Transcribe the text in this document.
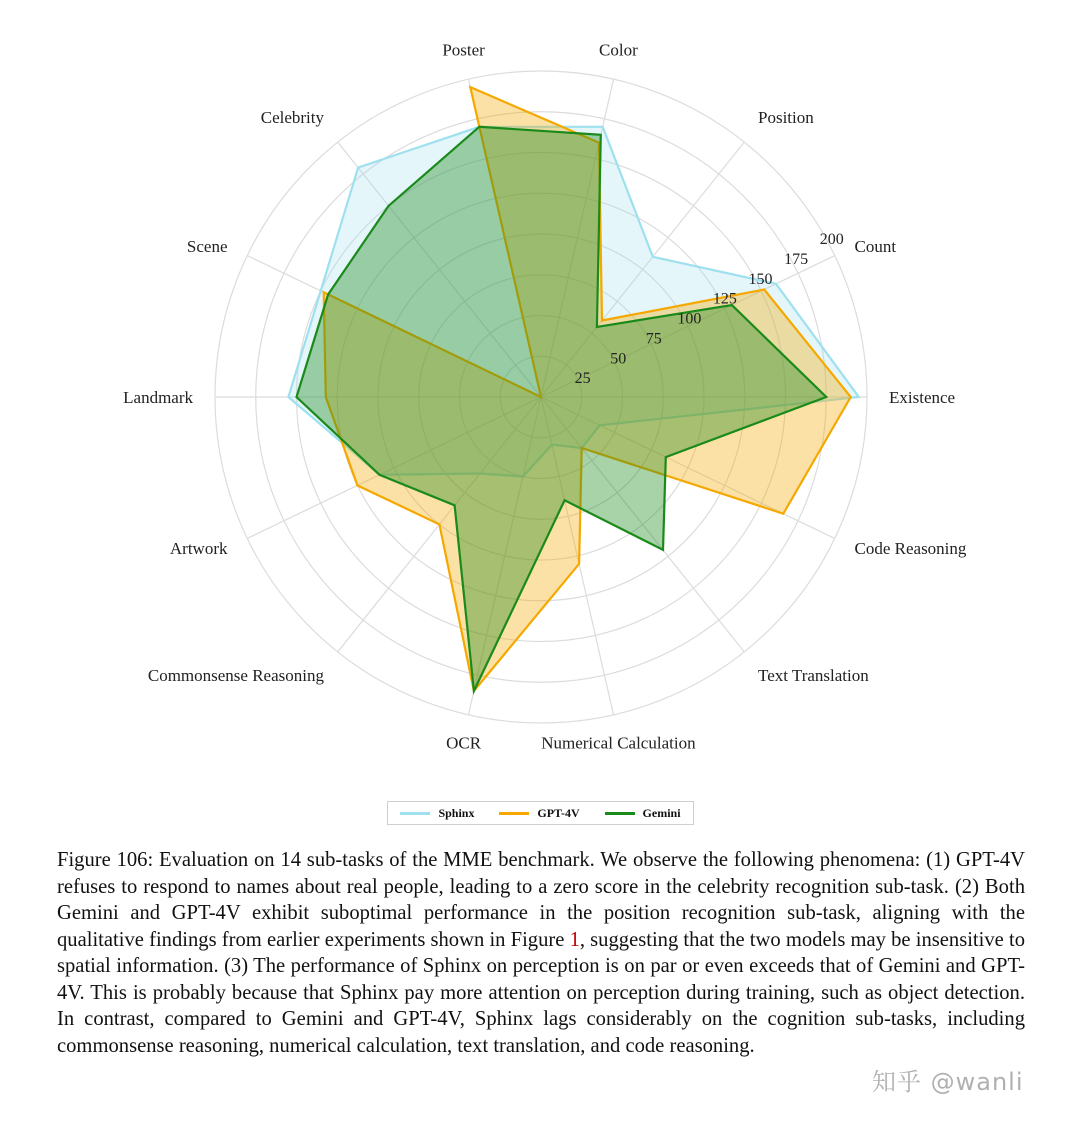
25
50
75
100
125
150
175
200
Existence
Count
Position
Color
Poster
Celebrity
Scene
Landmark
Artwork
Commonsense Reasoning
OCR	Numerical Calculation
Text Translation
Code Reasoning
Sphinx	GPT-4V	Gemini
Figure 106: Evaluation on 14 sub-tasks of the MME benchmark. We observe the following phenomena: (1) GPT-4V refuses to respond to names about real people, leading to a zero score in the celebrity recognition sub-task. (2) Both Gemini and GPT-4V exhibit suboptimal performance in the position recognition sub-task, aligning with the qualitative findings from earlier experiments shown in Figure 1, suggesting that the two models may be insensitive to spatial information. (3) The performance of Sphinx on perception is on par or even exceeds that of Gemini and GPT-4V. This is probably because that Sphinx pay more attention on perception during training, such as object detection. In contrast, compared to Gemini and GPT-4V, Sphinx lags considerably on the cognition sub-tasks, including commonsense reasoning, numerical calculation, text translation, and code reasoning.
知乎 @wanli
